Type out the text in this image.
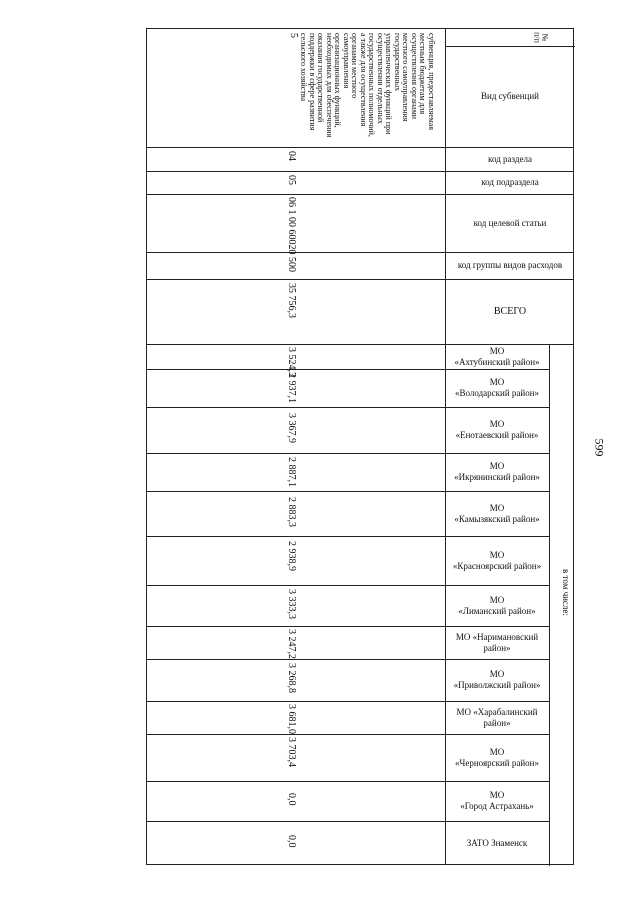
599
№
п/п
Вид субвенций
код раздела
код подраздела
код целевой статьи
код группы видов расходов
ВСЕГО
в том числе:
5	субвенция, предоставляемая местным бюджетам для осуществления органами местного самоуправления государственных управленческих функций при осуществлении отдельных государственных полномочий, а также для осуществления органами местного самоуправления организационных функций, необходимых для обеспечения оказания государственной поддержки в сфере развития сельского хозяйства
04
05
06 1 00 60020
500
35 756,3
МО
«Ахтубинский район»
3 524,3
МО
«Володарский район»
2 937,1
МО
«Енотаевский район»
3 367,9
МО
«Икрянинский район»
2 887,1
МО
«Камызякский район»
2 883,3
МО
«Красноярский район»
2 938,9
МО
«Лиманский район»
3 333,3
МО «Наримановский
район»
3 247,2
МО
«Приволжский район»
3 268,8
МО «Харабалинский
район»
3 681,0
МО
«Черноярский район»
3 703,4
МО
«Город Астрахань»
0,0
ЗАТО Знаменск
0,0
